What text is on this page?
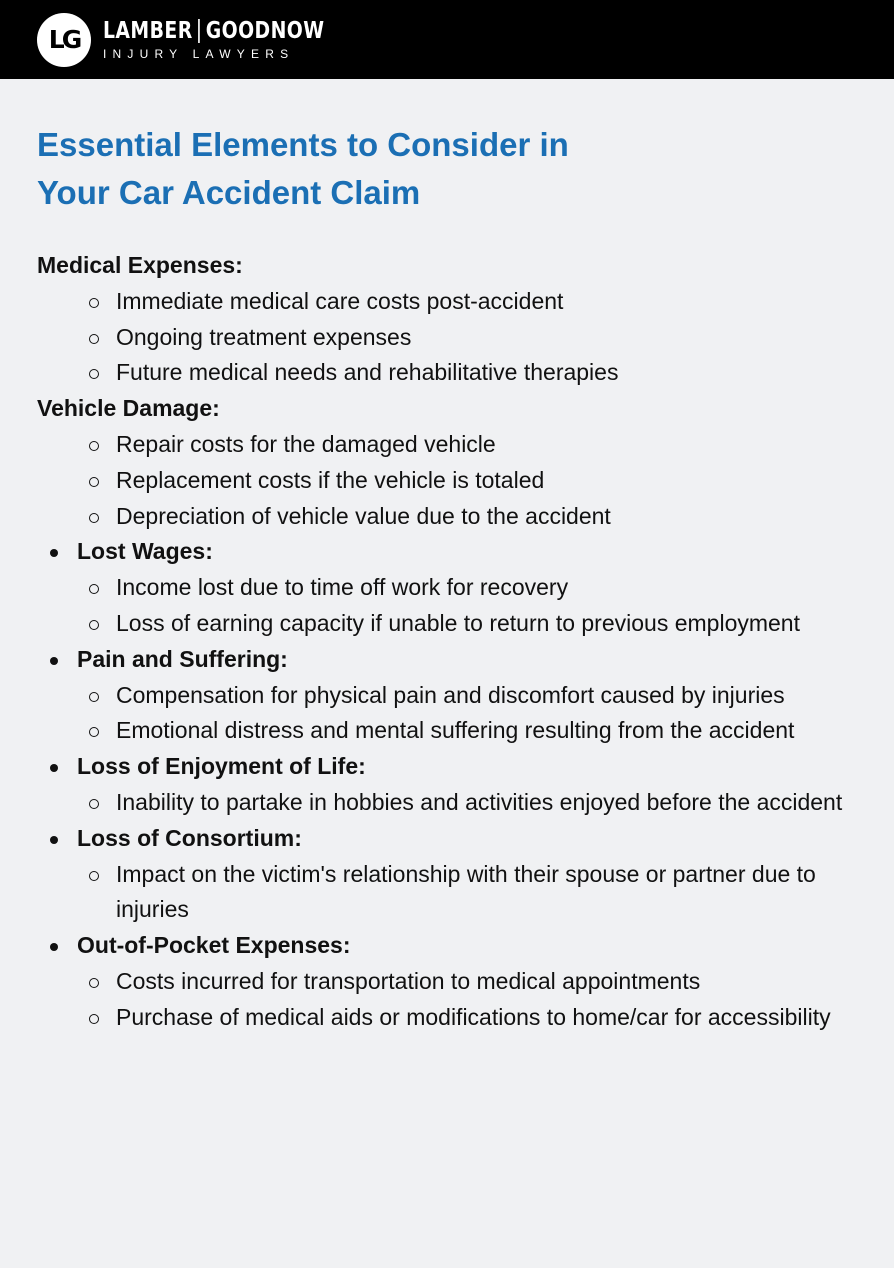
LG LAMBER GOODNOW
INJURY LAWYERS
Essential Elements to Consider in
Your Car Accident Claim
Medical Expenses:
Immediate medical care costs post-accident
Ongoing treatment expenses
Future medical needs and rehabilitative therapies
Vehicle Damage:
Repair costs for the damaged vehicle
Replacement costs if the vehicle is totaled
Depreciation of vehicle value due to the accident
Lost Wages:
Income lost due to time off work for recovery
Loss of earning capacity if unable to return to previous employment
Pain and Suffering:
Compensation for physical pain and discomfort caused by injuries
Emotional distress and mental suffering resulting from the accident
Loss of Enjoyment of Life:
Inability to partake in hobbies and activities enjoyed before the accident
Loss of Consortium:
Impact on the victim's relationship with their spouse or partner due to injuries
Out-of-Pocket Expenses:
Costs incurred for transportation to medical appointments
Purchase of medical aids or modifications to home/car for accessibility
